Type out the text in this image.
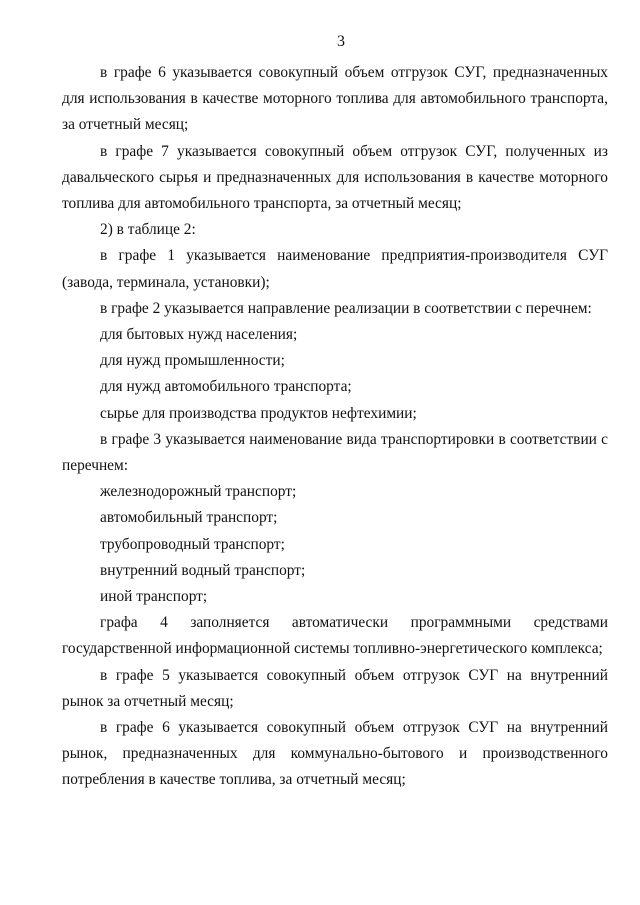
3

в графе 6 указывается совокупный объем отгрузок СУГ, предназначенных для использования в качестве моторного топлива для автомобильного транспорта, за отчетный месяц;

в графе 7 указывается совокупный объем отгрузок СУГ, полученных из давальческого сырья и предназначенных для использования в качестве моторного топлива для автомобильного транспорта, за отчетный месяц;

2) в таблице 2:

в графе 1 указывается наименование предприятия-производителя СУГ (завода, терминала, установки);

в графе 2 указывается направление реализации в соответствии с перечнем:

для бытовых нужд населения;

для нужд промышленности;

для нужд автомобильного транспорта;

сырье для производства продуктов нефтехимии;

в графе 3 указывается наименование вида транспортировки в соответствии с перечнем:

железнодорожный транспорт;

автомобильный транспорт;

трубопроводный транспорт;

внутренний водный транспорт;

иной транспорт;

графа 4 заполняется автоматически программными средствами государственной информационной системы топливно-энергетического комплекса;

в графе 5 указывается совокупный объем отгрузок СУГ на внутренний рынок за отчетный месяц;

в графе 6 указывается совокупный объем отгрузок СУГ на внутренний рынок, предназначенных для коммунально-бытового и производственного потребления в качестве топлива, за отчетный месяц;
